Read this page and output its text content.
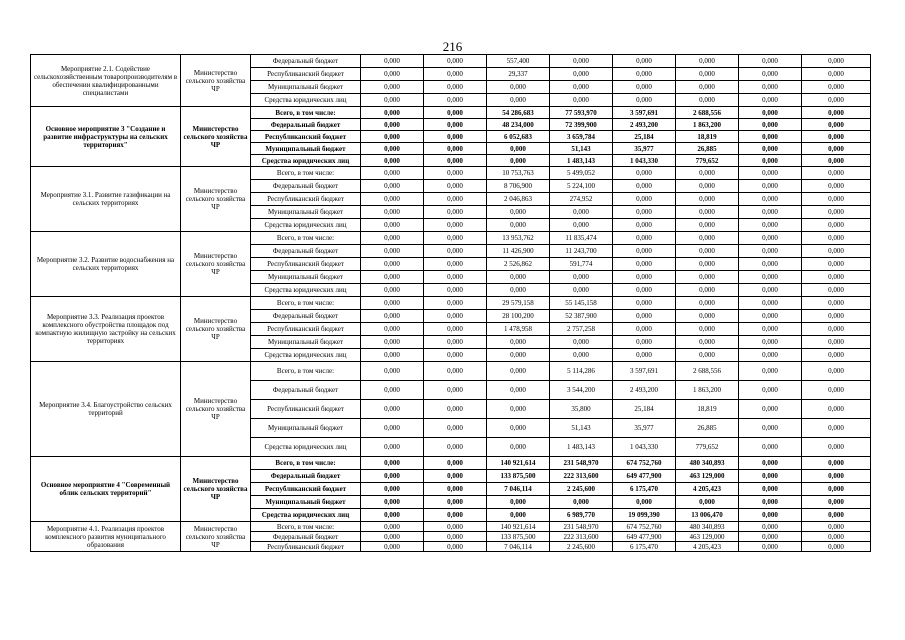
216
Мероприятие 2.1. Содействие сельскохозяйственным товаропроизводителям в обеспечении квалифицированными специалистами	Министерство сельского хозяйства ЧР	Федеральный бюджет	0,000	0,000	557,400	0,000	0,000	0,000	0,000	0,000
		Республиканский бюджет	0,000	0,000	29,337	0,000	0,000	0,000	0,000	0,000
		Муниципальный бюджет	0,000	0,000	0,000	0,000	0,000	0,000	0,000	0,000
		Средства юридических лиц	0,000	0,000	0,000	0,000	0,000	0,000	0,000	0,000
Основное мероприятие 3 "Создание и развитие инфраструктуры на сельских территориях"	Министерство сельского хозяйства ЧР	Всего, в том числе:	0,000	0,000	54 286,683	77 593,970	3 597,691	2 688,556	0,000	0,000
		Федеральный бюджет	0,000	0,000	48 234,000	72 399,900	2 493,200	1 863,200	0,000	0,000
		Республиканский бюджет	0,000	0,000	6 052,683	3 659,784	25,184	18,819	0,000	0,000
		Муниципальный бюджет	0,000	0,000	0,000	51,143	35,977	26,885	0,000	0,000
		Средства юридических лиц	0,000	0,000	0,000	1 483,143	1 043,330	779,652	0,000	0,000
Мероприятие 3.1. Развитие газификации на сельских территориях	Министерство сельского хозяйства ЧР	Всего, в том числе:	0,000	0,000	10 753,763	5 499,052	0,000	0,000	0,000	0,000
		Федеральный бюджет	0,000	0,000	8 706,900	5 224,100	0,000	0,000	0,000	0,000
		Республиканский бюджет	0,000	0,000	2 046,863	274,952	0,000	0,000	0,000	0,000
		Муниципальный бюджет	0,000	0,000	0,000	0,000	0,000	0,000	0,000	0,000
		Средства юридических лиц	0,000	0,000	0,000	0,000	0,000	0,000	0,000	0,000
Мероприятие 3.2. Развитие водоснабжения на сельских территориях	Министерство сельского хозяйства ЧР	Всего, в том числе:	0,000	0,000	13 953,762	11 835,474	0,000	0,000	0,000	0,000
		Федеральный бюджет	0,000	0,000	11 426,900	11 243,700	0,000	0,000	0,000	0,000
		Республиканский бюджет	0,000	0,000	2 526,862	591,774	0,000	0,000	0,000	0,000
		Муниципальный бюджет	0,000	0,000	0,000	0,000	0,000	0,000	0,000	0,000
		Средства юридических лиц	0,000	0,000	0,000	0,000	0,000	0,000	0,000	0,000
Мероприятие 3.3. Реализация проектов комплексного обустройства площадок под компактную жилищную застройку на сельских территориях	Министерство сельского хозяйства ЧР	Всего, в том числе:	0,000	0,000	29 579,158	55 145,158	0,000	0,000	0,000	0,000
		Федеральный бюджет	0,000	0,000	28 100,200	52 387,900	0,000	0,000	0,000	0,000
		Республиканский бюджет	0,000	0,000	1 478,958	2 757,258	0,000	0,000	0,000	0,000
		Муниципальный бюджет	0,000	0,000	0,000	0,000	0,000	0,000	0,000	0,000
		Средства юридических лиц	0,000	0,000	0,000	0,000	0,000	0,000	0,000	0,000
Мероприятие 3.4. Благоустройство сельских территорий	Министерство сельского хозяйства ЧР	Всего, в том числе:	0,000	0,000	0,000	5 114,286	3 597,691	2 688,556	0,000	0,000
		Федеральный бюджет	0,000	0,000	0,000	3 544,200	2 493,200	1 863,200	0,000	0,000
		Республиканский бюджет	0,000	0,000	0,000	35,800	25,184	18,819	0,000	0,000
		Муниципальный бюджет	0,000	0,000	0,000	51,143	35,977	26,885	0,000	0,000
		Средства юридических лиц	0,000	0,000	0,000	1 483,143	1 043,330	779,652	0,000	0,000
Основное мероприятие 4 "Современный облик сельских территорий"	Министерство сельского хозяйства ЧР	Всего, в том числе:	0,000	0,000	140 921,614	231 548,970	674 752,760	480 340,893	0,000	0,000
		Федеральный бюджет	0,000	0,000	133 875,500	222 313,600	649 477,900	463 129,000	0,000	0,000
		Республиканский бюджет	0,000	0,000	7 046,114	2 245,600	6 175,470	4 205,423	0,000	0,000
		Муниципальный бюджет	0,000	0,000	0,000	0,000	0,000	0,000	0,000	0,000
		Средства юридических лиц	0,000	0,000	0,000	6 989,770	19 099,390	13 006,470	0,000	0,000
Мероприятие 4.1. Реализация проектов комплексного развития муниципального образования	Министерство сельского хозяйства ЧР	Всего, в том числе:	0,000	0,000	140 921,614	231 548,970	674 752,760	480 340,893	0,000	0,000
		Федеральный бюджет	0,000	0,000	133 875,500	222 313,600	649 477,900	463 129,000	0,000	0,000
		Республиканский бюджет	0,000	0,000	7 046,114	2 245,600	6 175,470	4 205,423	0,000	0,000
